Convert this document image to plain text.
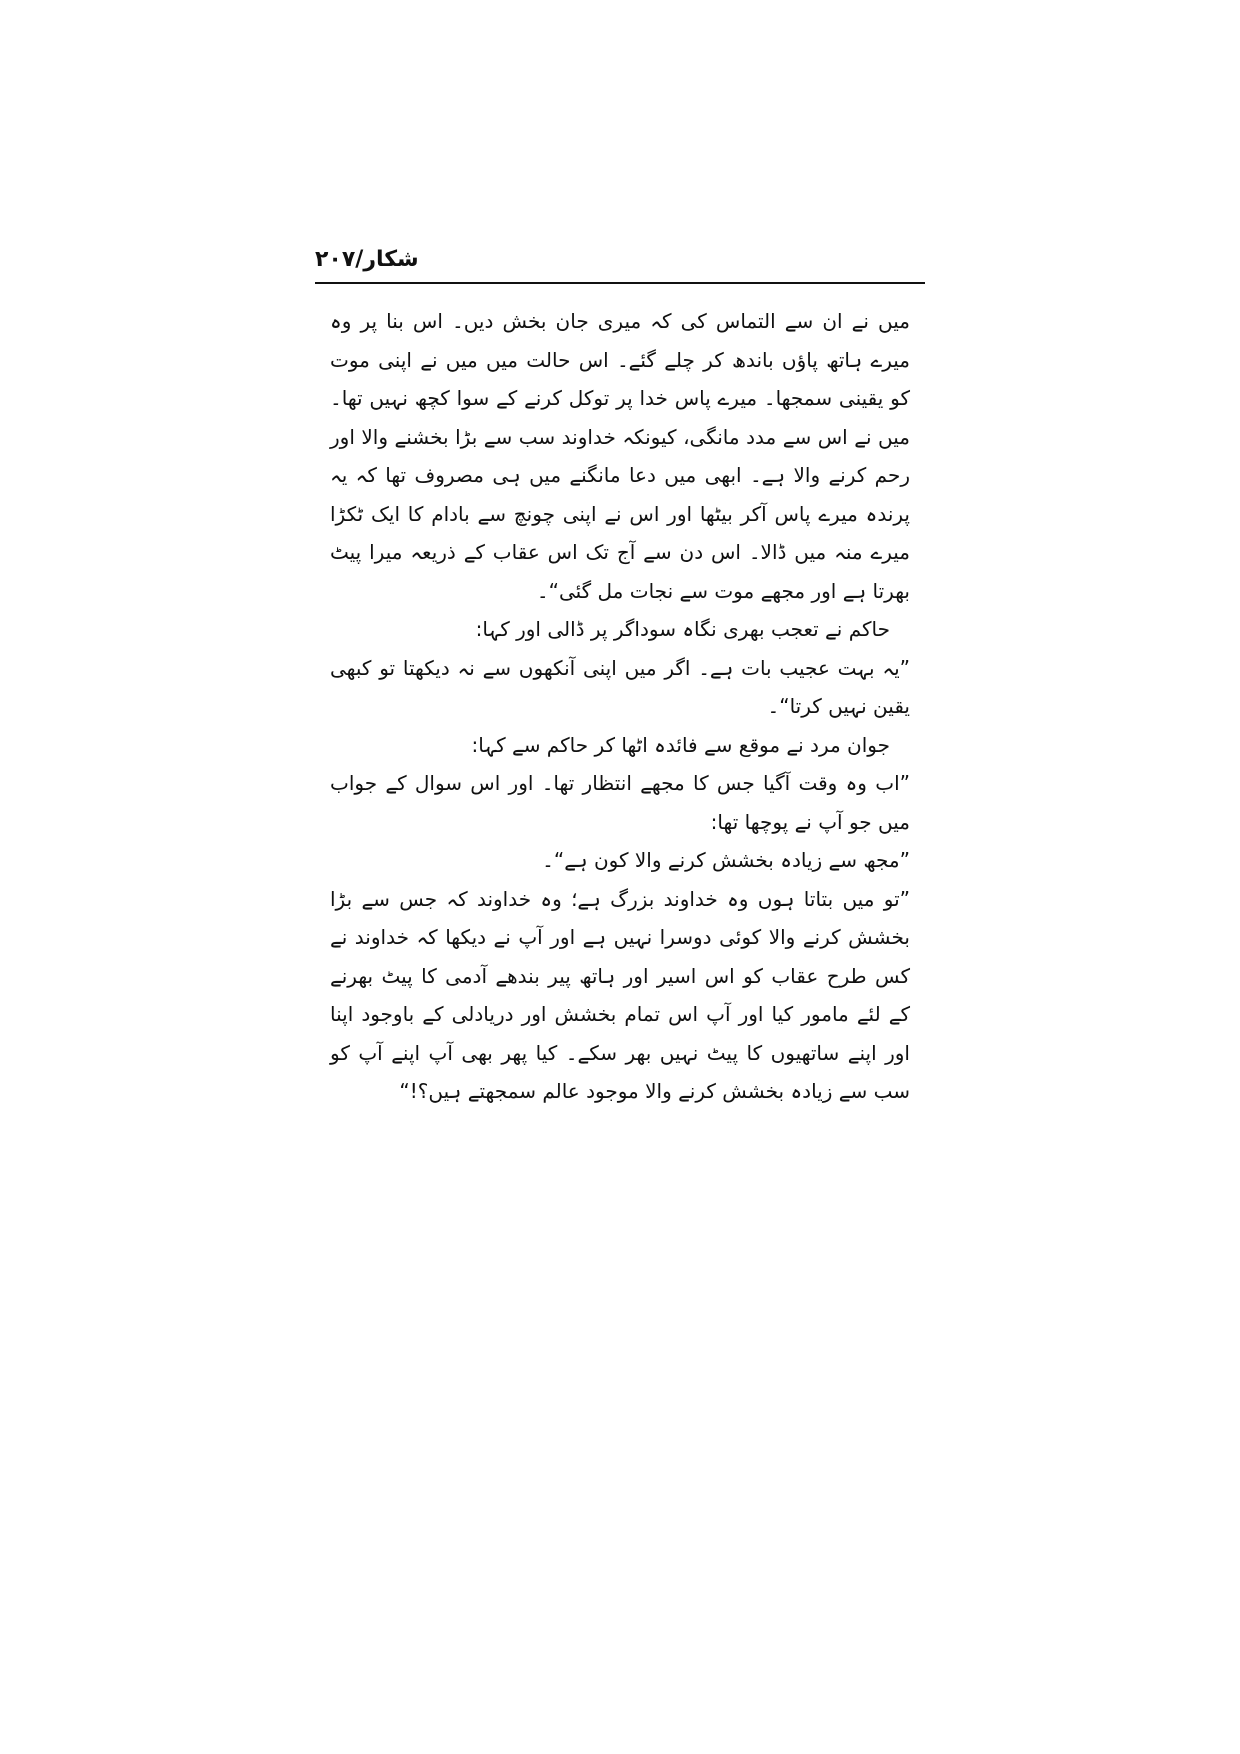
شکار/۲۰۷

میں نے ان سے التماس کی کہ میری جان بخش دیں۔ اس بنا پر وہ میرے ہاتھ پاؤں باندھ کر چلے گئے۔ اس حالت میں میں نے اپنی موت کو یقینی سمجھا۔ میرے پاس خدا پر توکل کرنے کے سوا کچھ نہیں تھا۔ میں نے اس سے مدد مانگی، کیونکہ خداوند سب سے بڑا بخشنے والا اور رحم کرنے والا ہے۔ ابھی میں دعا مانگنے میں ہی مصروف تھا کہ یہ پرندہ میرے پاس آکر بیٹھا اور اس نے اپنی چونچ سے بادام کا ایک ٹکڑا میرے منہ میں ڈالا۔ اس دن سے آج تک اس عقاب کے ذریعہ میرا پیٹ بھرتا ہے اور مجھے موت سے نجات مل گئی“۔

حاکم نے تعجب بھری نگاہ سوداگر پر ڈالی اور کہا:

”یہ بہت عجیب بات ہے۔ اگر میں اپنی آنکھوں سے نہ دیکھتا تو کبھی یقین نہیں کرتا“۔

جوان مرد نے موقع سے فائدہ اٹھا کر حاکم سے کہا:

”اب وہ وقت آگیا جس کا مجھے انتظار تھا۔ اور اس سوال کے جواب میں جو آپ نے پوچھا تھا:

”مجھ سے زیادہ بخشش کرنے والا کون ہے“۔

”تو میں بتاتا ہوں وہ خداوند بزرگ ہے؛ وہ خداوند کہ جس سے بڑا بخشش کرنے والا کوئی دوسرا نہیں ہے اور آپ نے دیکھا کہ خداوند نے کس طرح عقاب کو اس اسیر اور ہاتھ پیر بندھے آدمی کا پیٹ بھرنے کے لئے مامور کیا اور آپ اس تمام بخشش اور دریادلی کے باوجود اپنا اور اپنے ساتھیوں کا پیٹ نہیں بھر سکے۔ کیا پھر بھی آپ اپنے آپ کو سب سے زیادہ بخشش کرنے والا موجود عالم سمجھتے ہیں؟!“
